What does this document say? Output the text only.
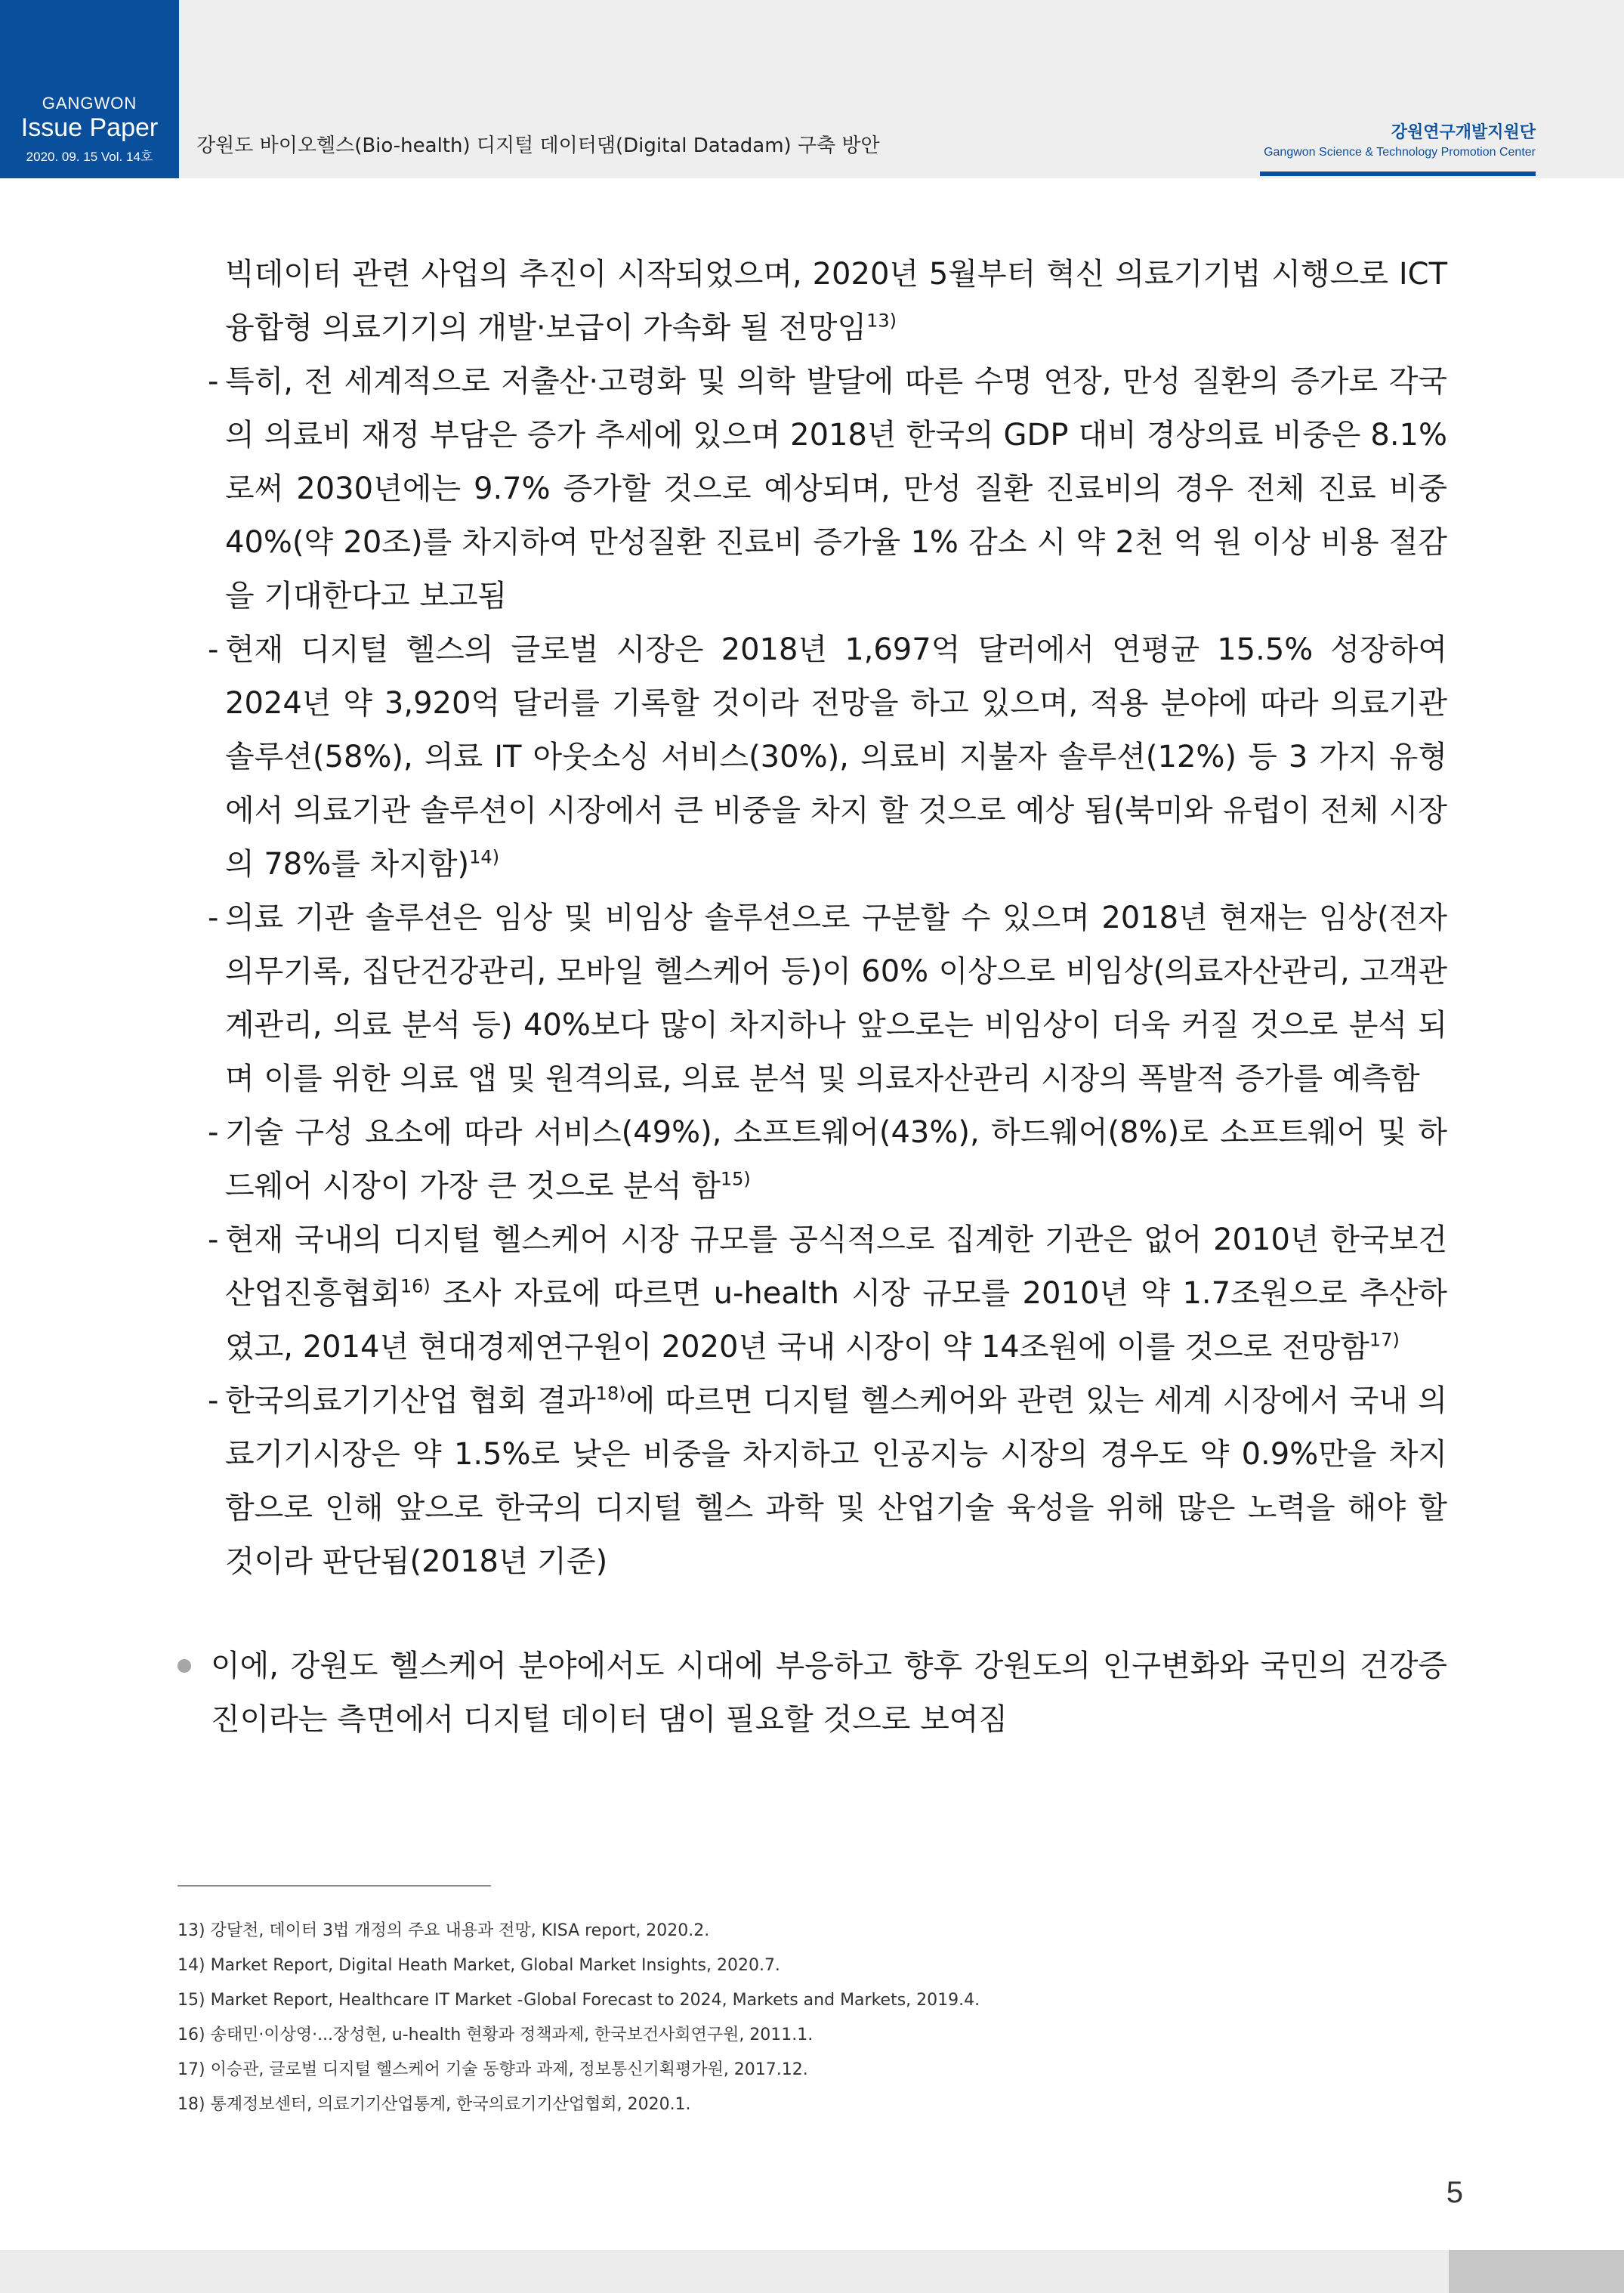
GANGWON
Issue Paper
2020. 09. 15 Vol. 14호	강원도 바이오헬스(Bio-health) 디지털 데이터댐(Digital Datadam) 구축 방안
강원연구개발지원단
Gangwon Science & Technology Promotion Center
빅데이터 관련 사업의 추진이 시작되었으며, 2020년 5월부터 혁신 의료기기법 시행으로 ICT 융합형 의료기기의 개발·보급이 가속화 될 전망임$^{13)}$
- 특히, 전 세계적으로 저출산·고령화 및 의학 발달에 따른 수명 연장, 만성 질환의 증가로 각국의 의료비 재정 부담은 증가 추세에 있으며 2018년 한국의 GDP 대비 경상의료 비중은 8.1%로써 2030년에는 9.7% 증가할 것으로 예상되며, 만성 질환 진료비의 경우 전체 진료 비중 40%(약 20조)를 차지하여 만성질환 진료비 증가율 1% 감소 시 약 2천 억 원 이상 비용 절감을 기대한다고 보고됨
- 현재 디지털 헬스의 글로벌 시장은 2018년 1,697억 달러에서 연평균 15.5% 성장하여 2024년 약 3,920억 달러를 기록할 것이라 전망을 하고 있으며, 적용 분야에 따라 의료기관 솔루션(58%), 의료 IT 아웃소싱 서비스(30%), 의료비 지불자 솔루션(12%) 등 3 가지 유형에서 의료기관 솔루션이 시장에서 큰 비중을 차지 할 것으로 예상 됨(북미와 유럽이 전체 시장의 78%를 차지함)$^{14)}$
- 의료 기관 솔루션은 임상 및 비임상 솔루션으로 구분할 수 있으며 2018년 현재는 임상(전자의무기록, 집단건강관리, 모바일 헬스케어 등)이 60% 이상으로 비임상(의료자산관리, 고객관계관리, 의료 분석 등) 40%보다 많이 차지하나 앞으로는 비임상이 더욱 커질 것으로 분석 되며 이를 위한 의료 앱 및 원격의료, 의료 분석 및 의료자산관리 시장의 폭발적 증가를 예측함
- 기술 구성 요소에 따라 서비스(49%), 소프트웨어(43%), 하드웨어(8%)로 소프트웨어 및 하드웨어 시장이 가장 큰 것으로 분석 함$^{15)}$
- 현재 국내의 디지털 헬스케어 시장 규모를 공식적으로 집계한 기관은 없어 2010년 한국보건산업진흥협회$^{16)}$ 조사 자료에 따르면 u-health 시장 규모를 2010년 약 1.7조원으로 추산하였고, 2014년 현대경제연구원이 2020년 국내 시장이 약 14조원에 이를 것으로 전망함$^{17)}$
- 한국의료기기산업 협회 결과$^{18)}$에 따르면 디지털 헬스케어와 관련 있는 세계 시장에서 국내 의료기기시장은 약 1.5%로 낮은 비중을 차지하고 인공지능 시장의 경우도 약 0.9%만을 차지함으로 인해 앞으로 한국의 디지털 헬스 과학 및 산업기술 육성을 위해 많은 노력을 해야 할 것이라 판단됨(2018년 기준)
이에, 강원도 헬스케어 분야에서도 시대에 부응하고 향후 강원도의 인구변화와 국민의 건강증진이라는 측면에서 디지털 데이터 댐이 필요할 것으로 보여짐
13) 강달천, 데이터 3법 개정의 주요 내용과 전망, KISA report, 2020.2.
14) Market Report, Digital Heath Market, Global Market Insights, 2020.7.
15) Market Report, Healthcare IT Market -Global Forecast to 2024, Markets and Markets, 2019.4.
16) 송태민·이상영·...장성현, u-health 현황과 정책과제, 한국보건사회연구원, 2011.1.
17) 이승관, 글로벌 디지털 헬스케어 기술 동향과 과제, 정보통신기획평가원, 2017.12.
18) 통계정보센터, 의료기기산업통계, 한국의료기기산업협회, 2020.1.
5
